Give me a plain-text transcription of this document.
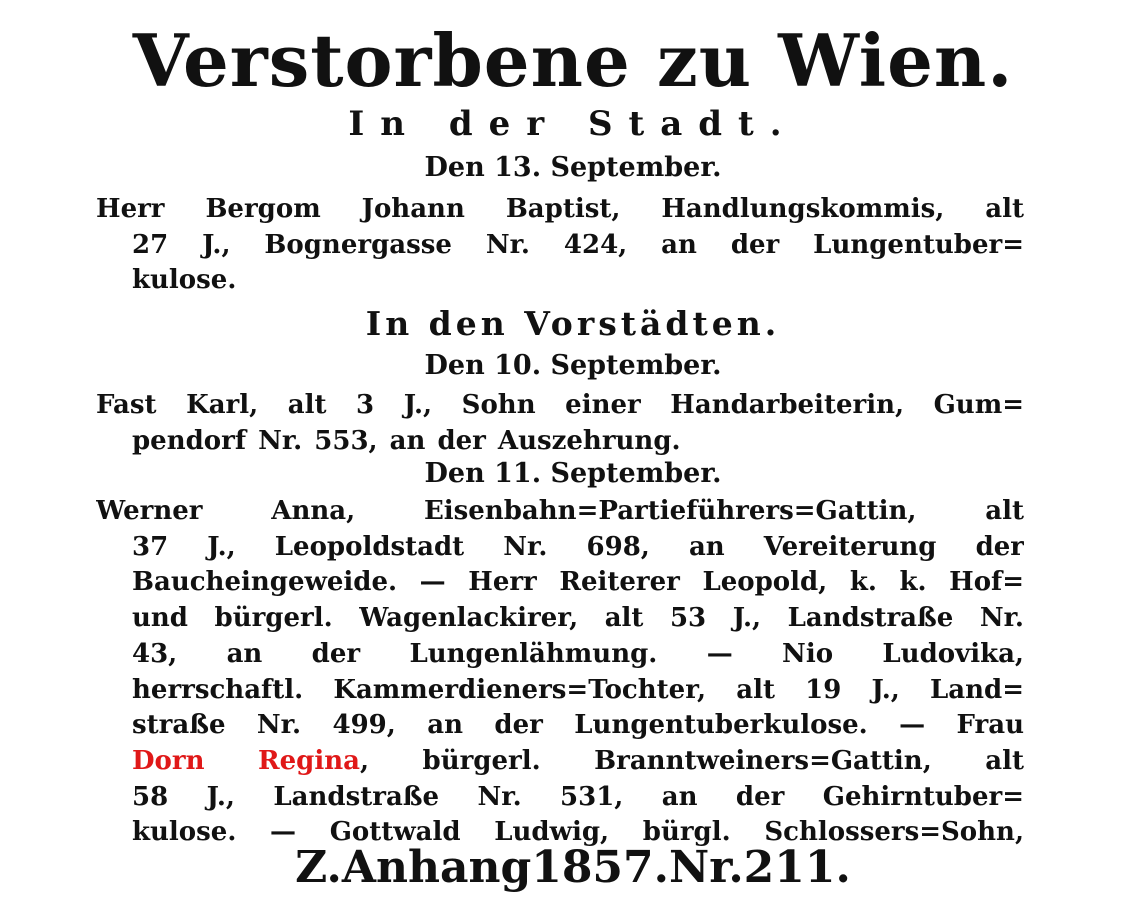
Verstorbene zu Wien.
In der Stadt.
Den 13. September.
Herr Bergom Johann Baptist, Handlungskommis, alt
27 J., Bognergasse Nr. 424, an der Lungentuber=
kulose.
In den Vorstädten.
Den 10. September.
Fast Karl, alt 3 J., Sohn einer Handarbeiterin, Gum=
pendorf Nr. 553, an der Auszehrung.
Den 11. September.
Werner Anna, Eisenbahn=Partieführers=Gattin, alt
37 J., Leopoldstadt Nr. 698, an Vereiterung der
Baucheingeweide. — Herr Reiterer Leopold, k. k. Hof=
und bürgerl. Wagenlackirer, alt 53 J., Landstraße Nr.
43, an der Lungenlähmung. — Nio Ludovika,
herrschaftl. Kammerdieners=Tochter, alt 19 J., Land=
straße Nr. 499, an der Lungentuberkulose. — Frau
Dorn Regina, bürgerl. Branntweiners=Gattin, alt
58 J., Landstraße Nr. 531, an der Gehirntuber=
kulose. — Gottwald Ludwig, bürgl. Schlossers=Sohn,
Z.Anhang1857.Nr.211.
